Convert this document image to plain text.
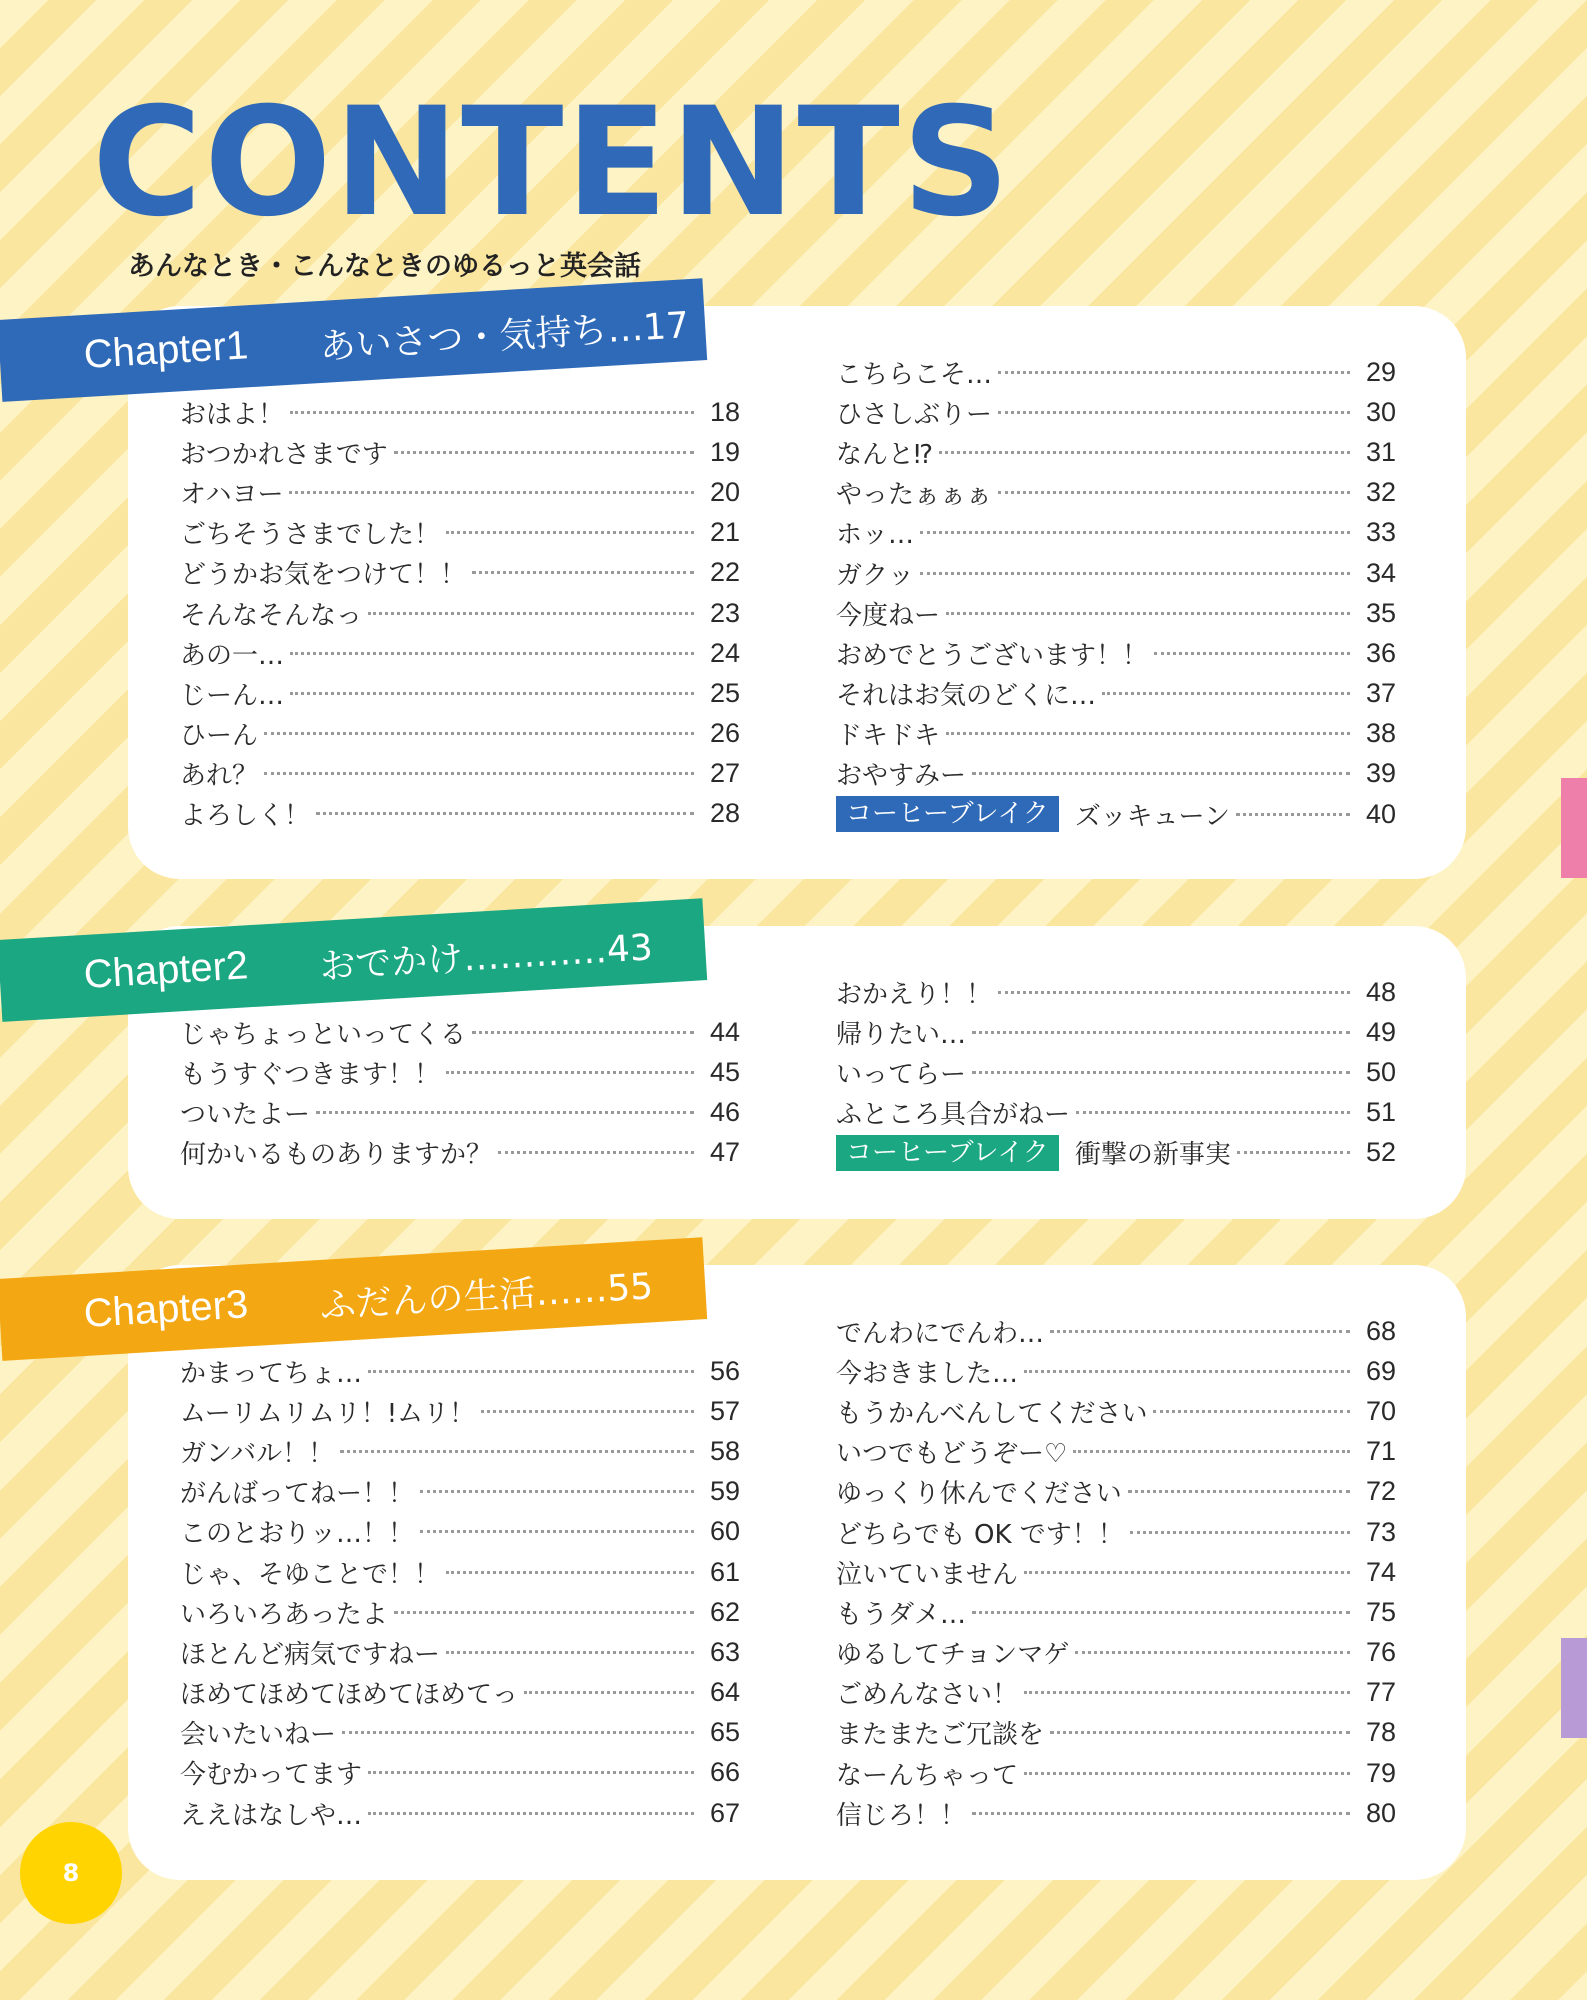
CONTENTS

あんなとき・こんなときのゆるっと英会話

おはよ！	18
おつかれさまです	19
オハヨー	20
ごちそうさまでした！	21
どうかお気をつけて！！	22
そんなそんなっ	23
あの一…	24
じーん…	25
ひーん	26
あれ？	27
よろしく！	28
こちらこそ…	29
ひさしぶりー	30
なんと⁉	31
やったぁぁぁ	32
ホッ…	33
ガクッ	34
今度ねー	35
おめでとうございます！！	36
それはお気のどくに…	37
ドキドキ	38
おやすみー	39
コーヒーブレイク	ズッキューン	40
Chapter1 あいさつ・気持ち…17
じゃちょっといってくる	44
もうすぐつきます！！	45
ついたよー	46
何かいるものありますか？	47
おかえり！！	48
帰りたい…	49
いってらー	50
ふところ具合がねー	51
コーヒーブレイク	衝撃の新事実	52
Chapter2 おでかけ…………43
かまってちょ…	56
ムーリムリムリ！!ムリ！	57
ガンバル！！	58
がんばってねー！！	59
このとおりッ…！！	60
じゃ、そゆことで！！	61
いろいろあったよ	62
ほとんど病気ですねー	63
ほめてほめてほめてほめてっ	64
会いたいねー	65
今むかってます	66
ええはなしや…	67
でんわにでんわ…	68
今おきました…	69
もうかんべんしてください	70
いつでもどうぞー♡	71
ゆっくり休んでください	72
どちらでも OK です！！	73
泣いていません	74
もうダメ…	75
ゆるしてチョンマゲ	76
ごめんなさい！	77
またまたご冗談を	78
なーんちゃって	79
信じろ！！	80
Chapter3 ふだんの生活……55
8
